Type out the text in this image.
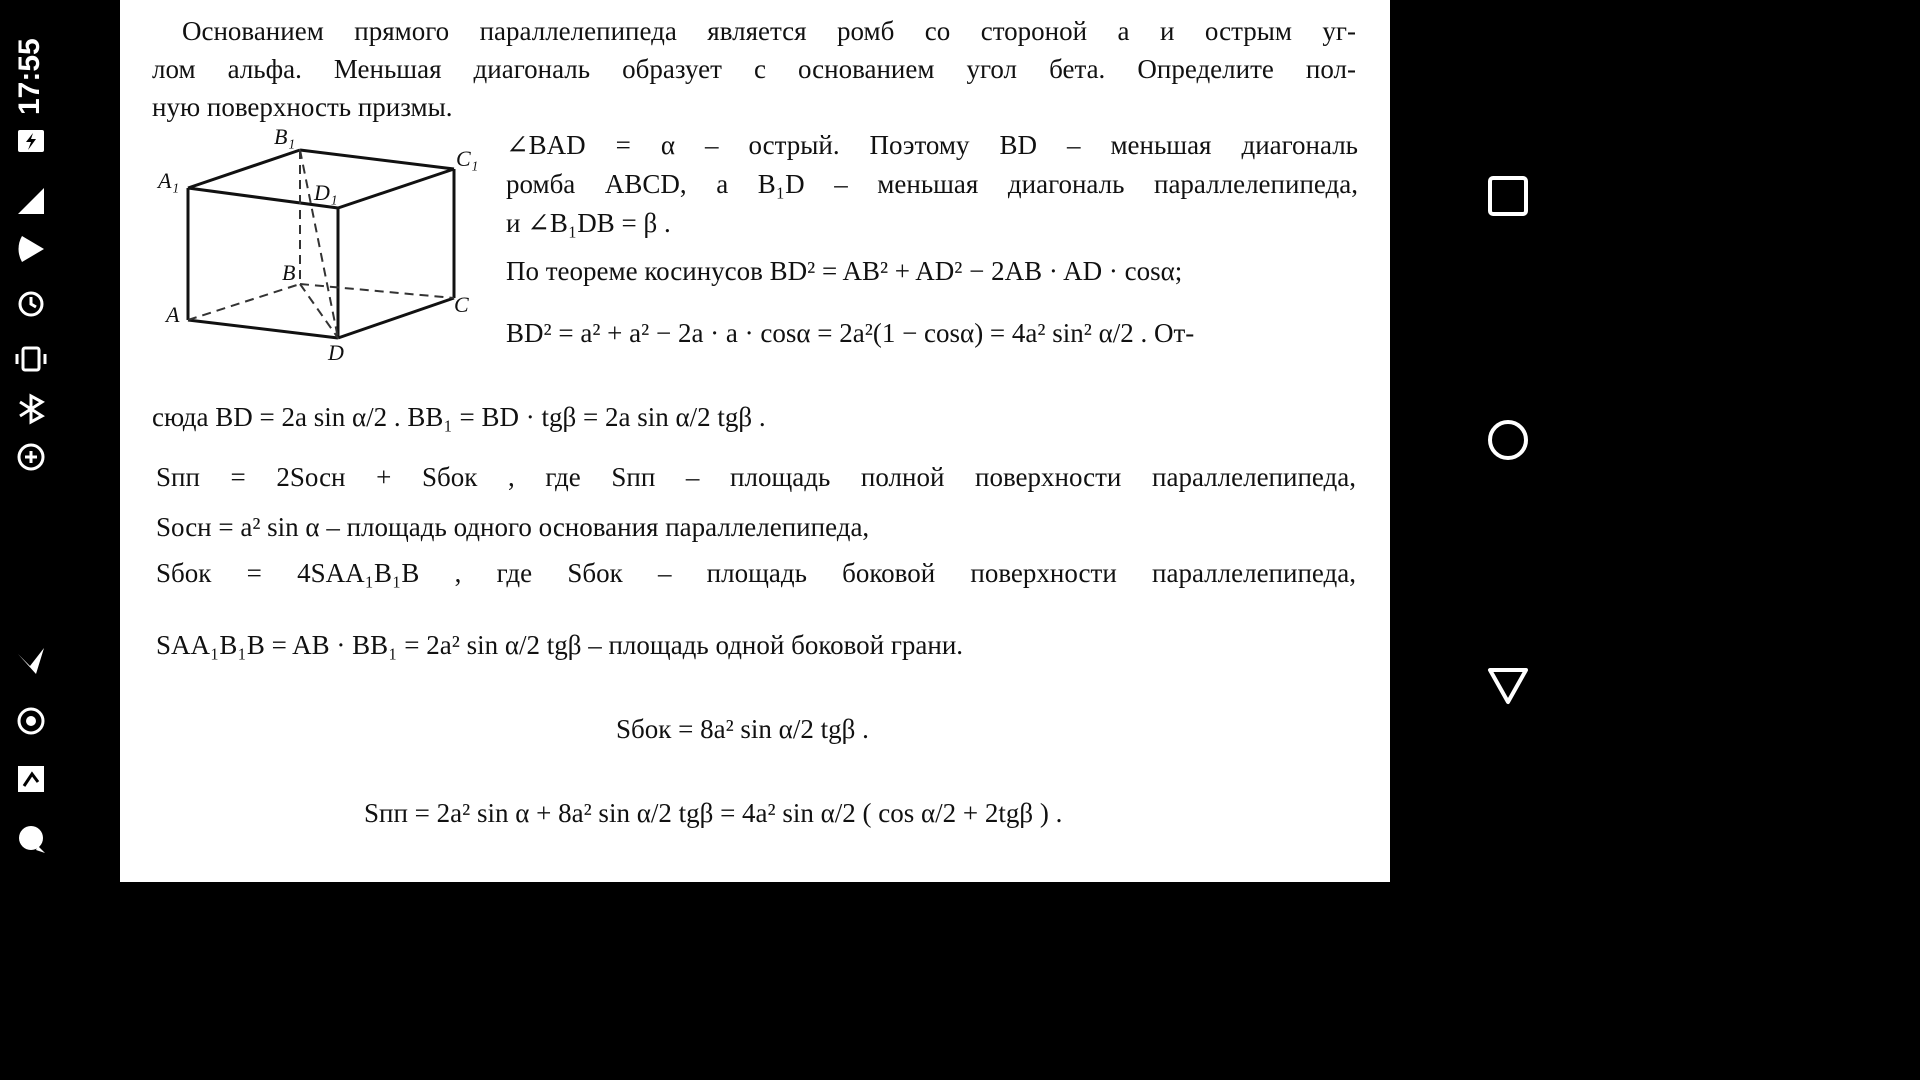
17:55
Основанием прямого параллелепипеда является ромб со стороной a и острым уг-
лом альфа. Меньшая диагональ образует с основанием угол бета. Определите пол-
ную поверхность призмы.
B₁
C₁
A₁	D₁
B
C
A
D
∠BAD = α – острый. Поэтому BD – меньшая диагональ
ромба ABCD, а B₁D – меньшая диагональ параллелепипеда,
и ∠B₁DB = β .
По теореме косинусов BD² = AB² + AD² − 2AB · AD · cosα;
BD² = a² + a² − 2a · a · cosα = 2a²(1 − cosα) = 4a² sin² α/2 . От-
сюда BD = 2a sin α/2 . BB₁ = BD · tgβ = 2a sin α/2 tgβ .
Sпп = 2Sосн + Sбок , где Sпп – площадь полной поверхности параллелепипеда,
Sосн = a² sin α – площадь одного основания параллелепипеда,
Sбок = 4SAA₁B₁B , где Sбок – площадь боковой поверхности параллелепипеда,
SAA₁B₁B = AB · BB₁ = 2a² sin α/2 tgβ – площадь одной боковой грани.
Sбок = 8a² sin α/2 tgβ .
Sпп = 2a² sin α + 8a² sin α/2 tgβ = 4a² sin α/2 ( cos α/2 + 2tgβ ) .
